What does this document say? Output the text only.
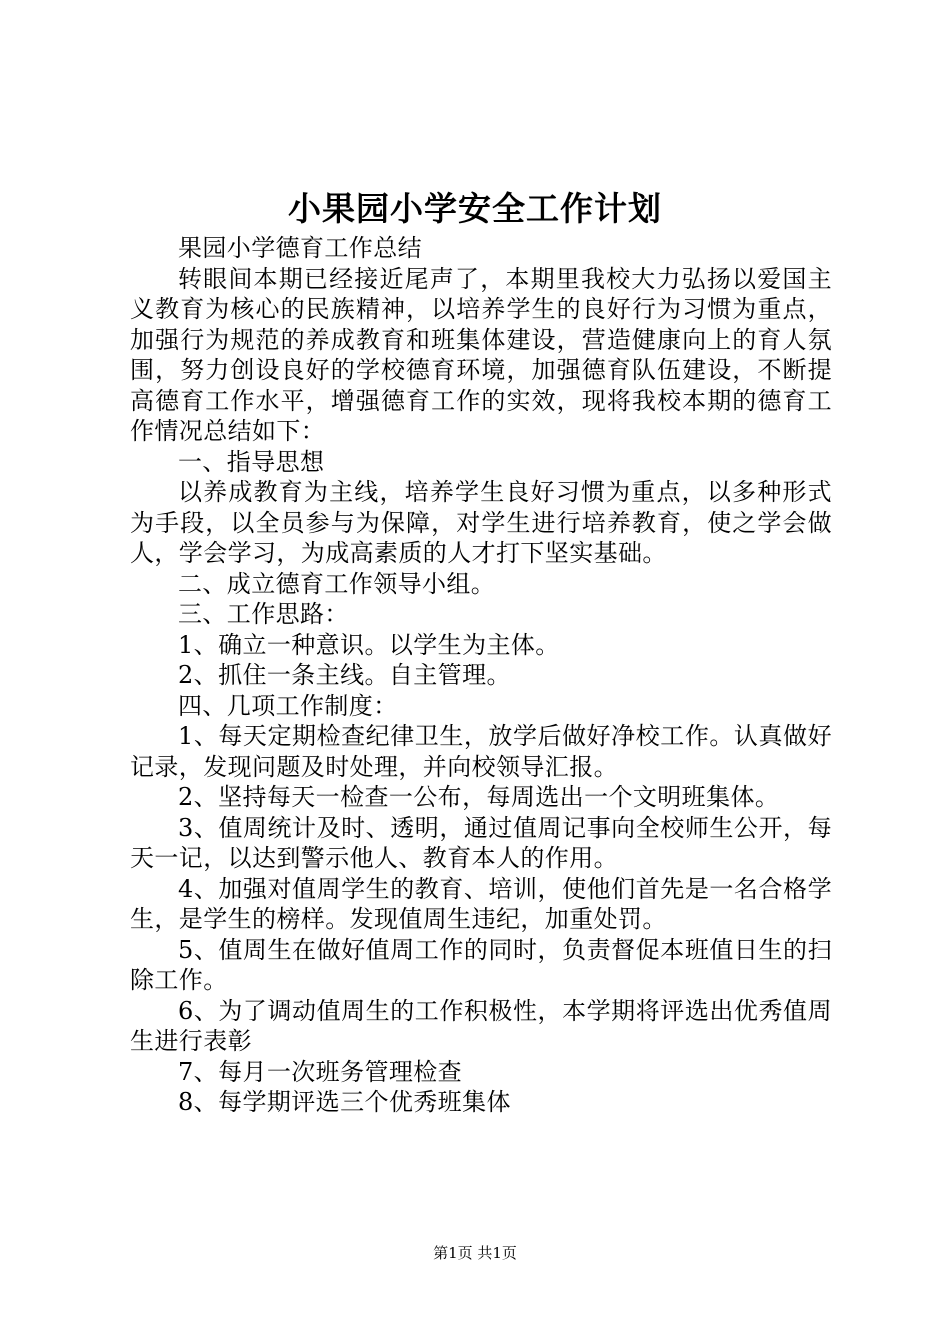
小果园小学安全工作计划

果园小学德育工作总结

转眼间本期已经接近尾声了，本期里我校大力弘扬以爱国主义教育为核心的民族精神，以培养学生的良好行为习惯为重点，加强行为规范的养成教育和班集体建设，营造健康向上的育人氛围，努力创设良好的学校德育环境，加强德育队伍建设，不断提高德育工作水平，增强德育工作的实效，现将我校本期的德育工作情况总结如下：

一、指导思想

以养成教育为主线，培养学生良好习惯为重点，以多种形式为手段，以全员参与为保障，对学生进行培养教育，使之学会做人，学会学习，为成高素质的人才打下坚实基础。

二、成立德育工作领导小组。

三、工作思路：

1、确立一种意识。以学生为主体。

2、抓住一条主线。自主管理。

四、几项工作制度：

1、每天定期检查纪律卫生，放学后做好净校工作。认真做好记录，发现问题及时处理，并向校领导汇报。

2、坚持每天一检查一公布，每周选出一个文明班集体。

3、值周统计及时、透明，通过值周记事向全校师生公开，每天一记，以达到警示他人、教育本人的作用。

4、加强对值周学生的教育、培训，使他们首先是一名合格学生，是学生的榜样。发现值周生违纪，加重处罚。

5、值周生在做好值周工作的同时，负责督促本班值日生的扫除工作。

6、为了调动值周生的工作积极性，本学期将评选出优秀值周生进行表彰

7、每月一次班务管理检查

8、每学期评选三个优秀班集体

第1页 共1页
